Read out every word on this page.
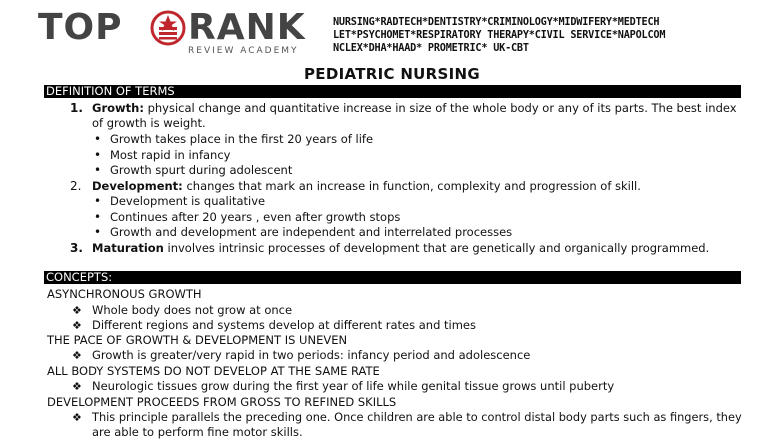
TOP RANK
REVIEW ACADEMY
NURSING*RADTECH*DENTISTRY*CRIMINOLOGY*MIDWIFERY*MEDTECH
LET*PSYCHOMET*RESPIRATORY THERAPY*CIVIL SERVICE*NAPOLCOM
NCLEX*DHA*HAAD* PROMETRIC* UK-CBT
PEDIATRIC NURSING
DEFINITION OF TERMS
1. Growth: physical change and quantitative increase in size of the whole body or any of its parts. The best index
of growth is weight.
• Growth takes place in the first 20 years of life
• Most rapid in infancy
• Growth spurt during adolescent
2. Development: changes that mark an increase in function, complexity and progression of skill.
• Development is qualitative
• Continues after 20 years , even after growth stops
• Growth and development are independent and interrelated processes
3. Maturation involves intrinsic processes of development that are genetically and organically programmed.
CONCEPTS:
ASYNCHRONOUS GROWTH
❖ Whole body does not grow at once
❖ Different regions and systems develop at different rates and times
THE PACE OF GROWTH & DEVELOPMENT IS UNEVEN
❖ Growth is greater/very rapid in two periods: infancy period and adolescence
ALL BODY SYSTEMS DO NOT DEVELOP AT THE SAME RATE
❖ Neurologic tissues grow during the first year of life while genital tissue grows until puberty
DEVELOPMENT PROCEEDS FROM GROSS TO REFINED SKILLS
❖ This principle parallels the preceding one. Once children are able to control distal body parts such as fingers, they
are able to perform fine motor skills.
